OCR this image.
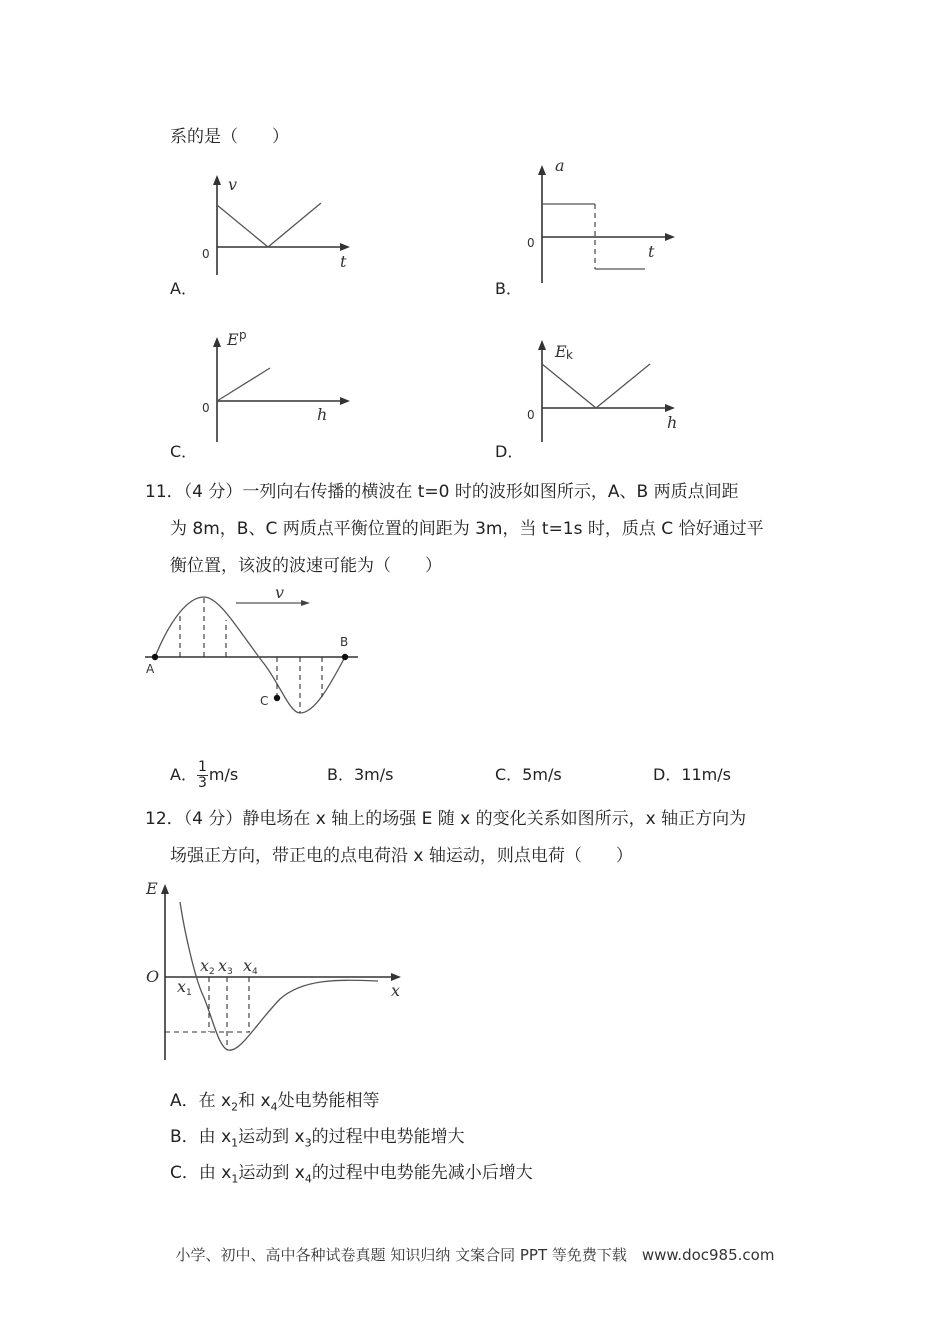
系的是（　　）
v
0	t
A．
a
0	t
B．
E p
0	h
C．
E k
0	h
D．
11．（4 分）一列向右传播的横波在 t=0 时的波形如图所示，A、B 两质点间距
为 8m，B、C 两质点平衡位置的间距为 3m，当 t=1s 时，质点 C 恰好通过平
衡位置，该波的波速可能为（　　）
v
A
B
C
A． $\frac{1}{3} m/s$	B．3m/s	C．5m/s	D．11m/s
12．（4 分）静电场在 x 轴上的场强 E 随 x 的变化关系如图所示，x 轴正方向为
场强正方向，带正电的点电荷沿 x 轴运动，则点电荷（　　）
E
O
x
x 1
x 2 x 3 x 4
A．在 $x_2$和 $x_4$处电势能相等
B．由 $x_1$运动到 $x_3$的过程中电势能增大
C．由 $x_1$运动到 $x_4$的过程中电势能先减小后增大
小学、初中、高中各种试卷真题 知识归纳 文案合同 PPT 等免费下载　www.doc985.com
